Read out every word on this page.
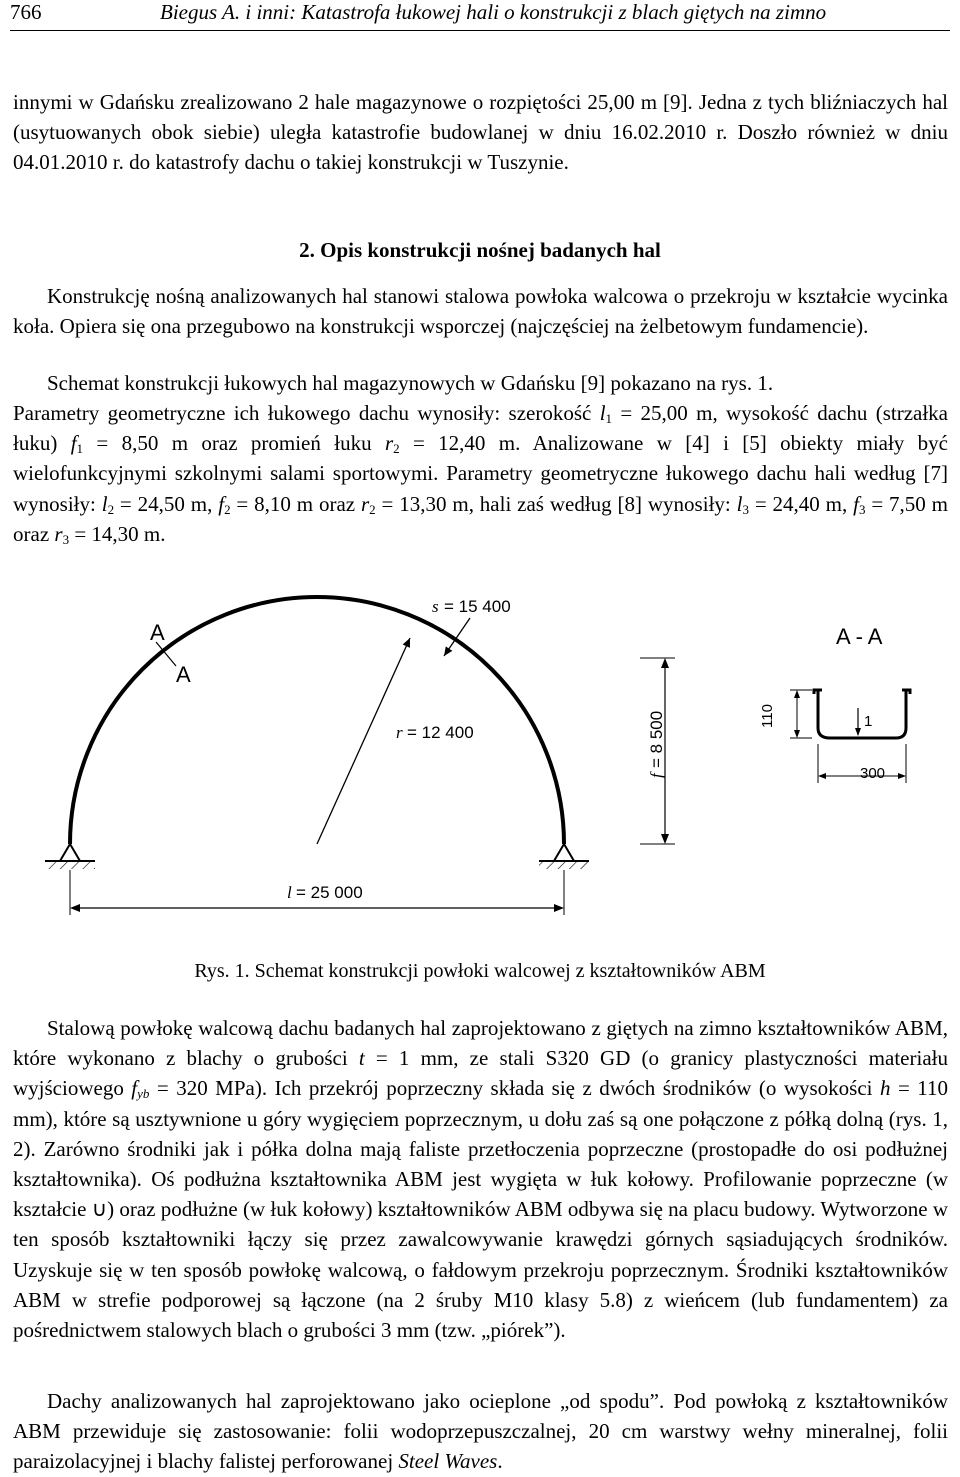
766	Biegus A. i inni: Katastrofa łukowej hali o konstrukcji z blach giętych na zimno

innymi w Gdańsku zrealizowano 2 hale magazynowe o rozpiętości 25,00 m [9]. Jedna z tych bliźniaczych hal (usytuowanych obok siebie) uległa katastrofie budowlanej w dniu 16.02.2010 r. Doszło również w dniu 04.01.2010 r. do katastrofy dachu o takiej konstrukcji w Tuszynie.

2. Opis konstrukcji nośnej badanych hal

Konstrukcję nośną analizowanych hal stanowi stalowa powłoka walcowa o przekroju w kształcie wycinka koła. Opiera się ona przegubowo na konstrukcji wsporczej (najczęściej na żelbetowym fundamencie).

Schemat konstrukcji łukowych hal magazynowych w Gdańsku [9] pokazano na rys. 1.

Parametry geometryczne ich łukowego dachu wynosiły: szerokość $l_1 = 25,00$ m, wysokość dachu (strzałka łuku) $f_1 = 8,50$ m oraz promień łuku $r_2 = 12,40$ m. Analizowane w [4] i [5] obiekty miały być wielofunkcyjnymi szkolnymi salami sportowymi. Parametry geometryczne łukowego dachu hali według [7] wynosiły: $l_2 = 24,50$ m, $f_2 = 8,10$ m oraz $r_2 = 13,30$ m, hali zaś według [8] wynosiły: $l_3 = 24,40$ m, $f_3 = 7,50$ m oraz $r_3 = 14,30$ m.

A
A
s = 15 400
r = 12 400
f
= 8 500
l = 25 000
A - A
110	1
300
Rys. 1. Schemat konstrukcji powłoki walcowej z kształtowników ABM

Stalową powłokę walcową dachu badanych hal zaprojektowano z giętych na zimno kształtowników ABM, które wykonano z blachy o grubości t = 1 mm, ze stali S320 GD (o granicy plastyczności materiału wyjściowego $f_{yb} = 320$ MPa). Ich przekrój poprzeczny składa się z dwóch środników (o wysokości h = 110 mm), które są usztywnione u góry wygięciem poprzecznym, u dołu zaś są one połączone z półką dolną (rys. 1, 2). Zarówno środniki jak i półka dolna mają faliste przetłoczenia poprzeczne (prostopadłe do osi podłużnej kształtownika). Oś podłużna kształtownika ABM jest wygięta w łuk kołowy. Profilowanie poprzeczne (w kształcie ∪) oraz podłużne (w łuk kołowy) kształtowników ABM odbywa się na placu budowy. Wytworzone w ten sposób kształtowniki łączy się przez zawalcowywanie krawędzi górnych sąsiadujących środników. Uzyskuje się w ten sposób powłokę walcową, o fałdowym przekroju poprzecznym. Środniki kształtowników ABM w strefie podporowej są łączone (na 2 śruby M10 klasy 5.8) z wieńcem (lub fundamentem) za pośrednictwem stalowych blach o grubości 3 mm (tzw. „piórek”).

Dachy analizowanych hal zaprojektowano jako ocieplone „od spodu”. Pod powłoką z kształtowników ABM przewiduje się zastosowanie: folii wodoprzepuszczalnej, 20 cm warstwy wełny mineralnej, folii paraizolacyjnej i blachy falistej perforowanej Steel Waves.
